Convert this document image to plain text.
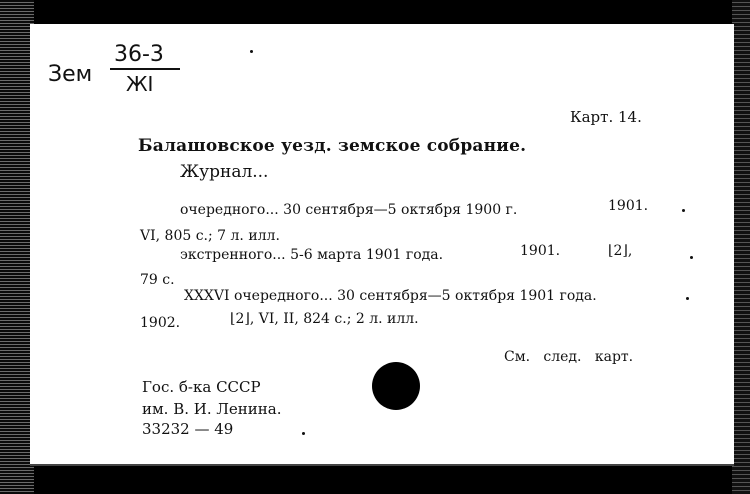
Зем
36-3
ЖI
Карт. 14.
Балашовское уезд. земское собрание.
Журнал...
очередного... 30 сентября—5 октября 1900 г.	1901.
VI, 805 с.; 7 л. илл.
экстренного... 5-6 марта 1901 года.	1901.	⌊2⌋,
79 с.
XXXVI очередного... 30 сентября—5 октября 1901 года.
1902.	⌊2⌋, VI, II, 824 с.; 2 л. илл.
См.   след.   карт.
Гос. б-ка СССР
им. В. И. Ленина.
33232 — 49
